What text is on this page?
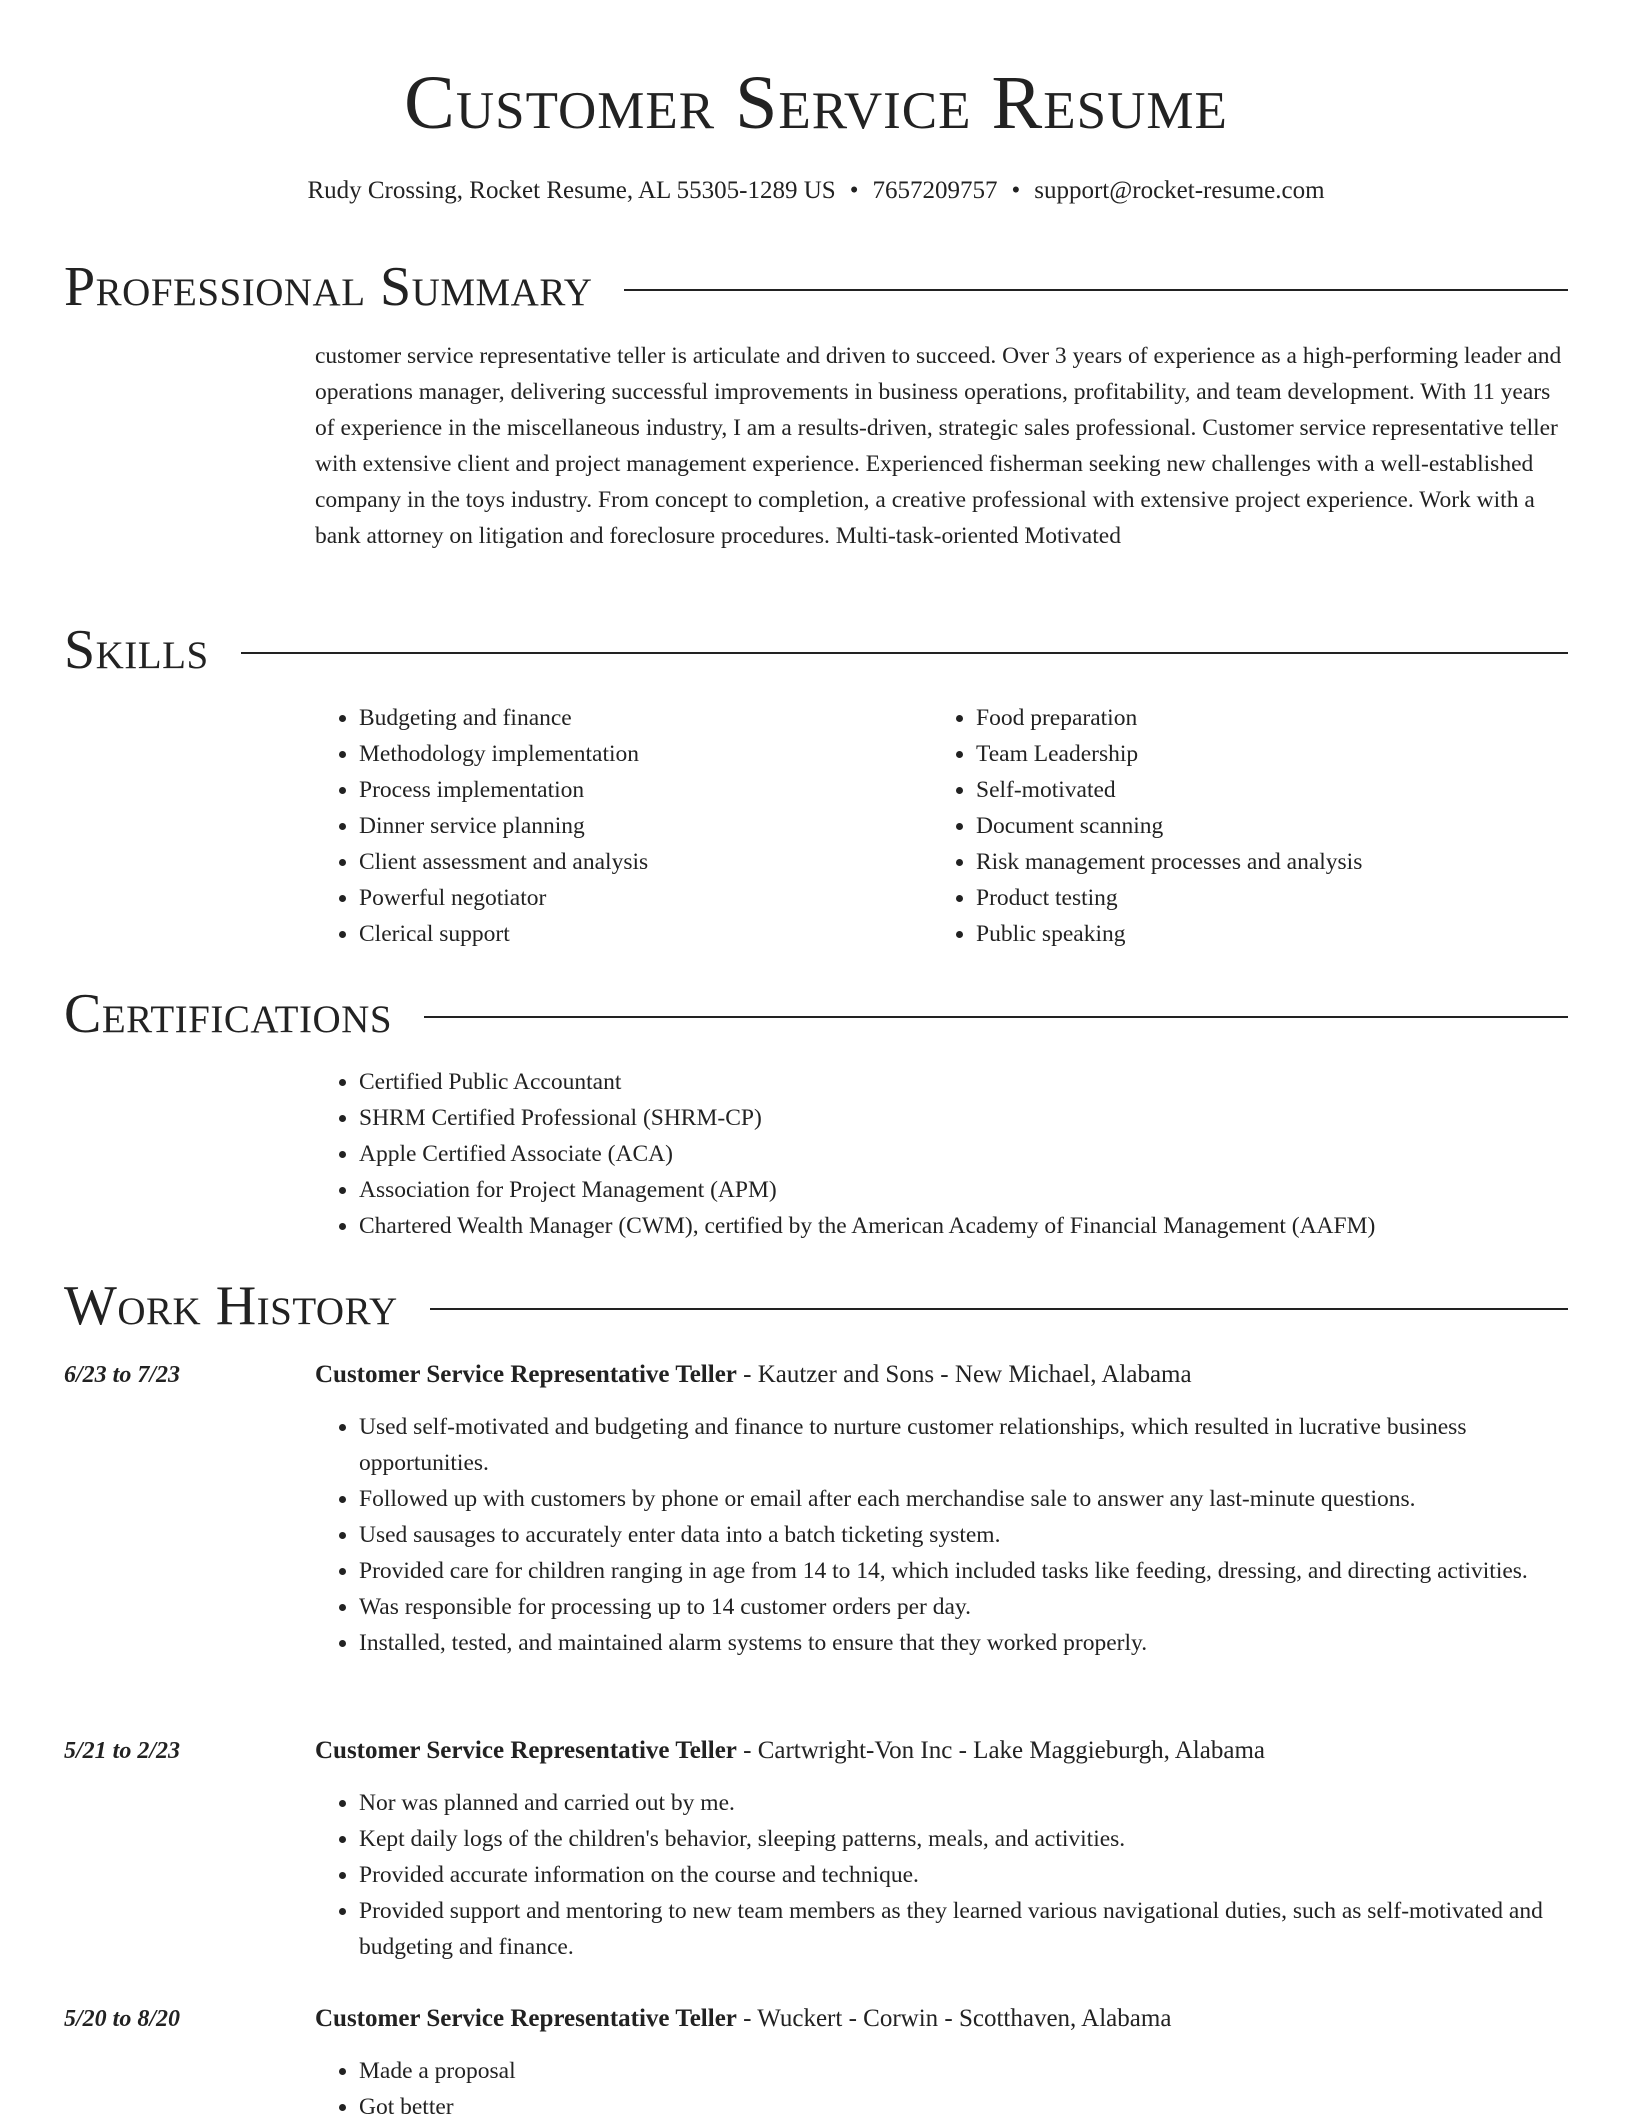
Customer Service Resume
Rudy Crossing, Rocket Resume, AL 55305-1289 US • 7657209757 • support@rocket-resume.com
Professional Summary

customer service representative teller is articulate and driven to succeed. Over 3 years of experience as a high-performing leader and operations manager, delivering successful improvements in business operations, profitability, and team development. With 11 years of experience in the miscellaneous industry, I am a results-driven, strategic sales professional. Customer service representative teller with extensive client and project management experience. Experienced fisherman seeking new challenges with a well-established company in the toys industry. From concept to completion, a creative professional with extensive project experience. Work with a bank attorney on litigation and foreclosure procedures. Multi-task-oriented Motivated

Skills
• Budgeting and finance
• Methodology implementation
• Process implementation
• Dinner service planning
• Client assessment and analysis
• Powerful negotiator
• Clerical support
• Food preparation
• Team Leadership
• Self-motivated
• Document scanning
• Risk management processes and analysis
• Product testing
• Public speaking
Certifications
• Certified Public Accountant
• SHRM Certified Professional (SHRM-CP)
• Apple Certified Associate (ACA)
• Association for Project Management (APM)
• Chartered Wealth Manager (CWM), certified by the American Academy of Financial Management (AAFM)
Work History
6/23 to 7/23	Customer Service Representative Teller - Kautzer and Sons - New Michael, Alabama
• Used self-motivated and budgeting and finance to nurture customer relationships, which resulted in lucrative business opportunities.
• Followed up with customers by phone or email after each merchandise sale to answer any last-minute questions.
• Used sausages to accurately enter data into a batch ticketing system.
• Provided care for children ranging in age from 14 to 14, which included tasks like feeding, dressing, and directing activities.
• Was responsible for processing up to 14 customer orders per day.
• Installed, tested, and maintained alarm systems to ensure that they worked properly.
5/21 to 2/23	Customer Service Representative Teller - Cartwright-Von Inc - Lake Maggieburgh, Alabama
• Nor was planned and carried out by me.
• Kept daily logs of the children's behavior, sleeping patterns, meals, and activities.
• Provided accurate information on the course and technique.
• Provided support and mentoring to new team members as they learned various navigational duties, such as self-motivated and budgeting and finance.
5/20 to 8/20	Customer Service Representative Teller - Wuckert - Corwin - Scotthaven, Alabama
• Made a proposal
• Got better
